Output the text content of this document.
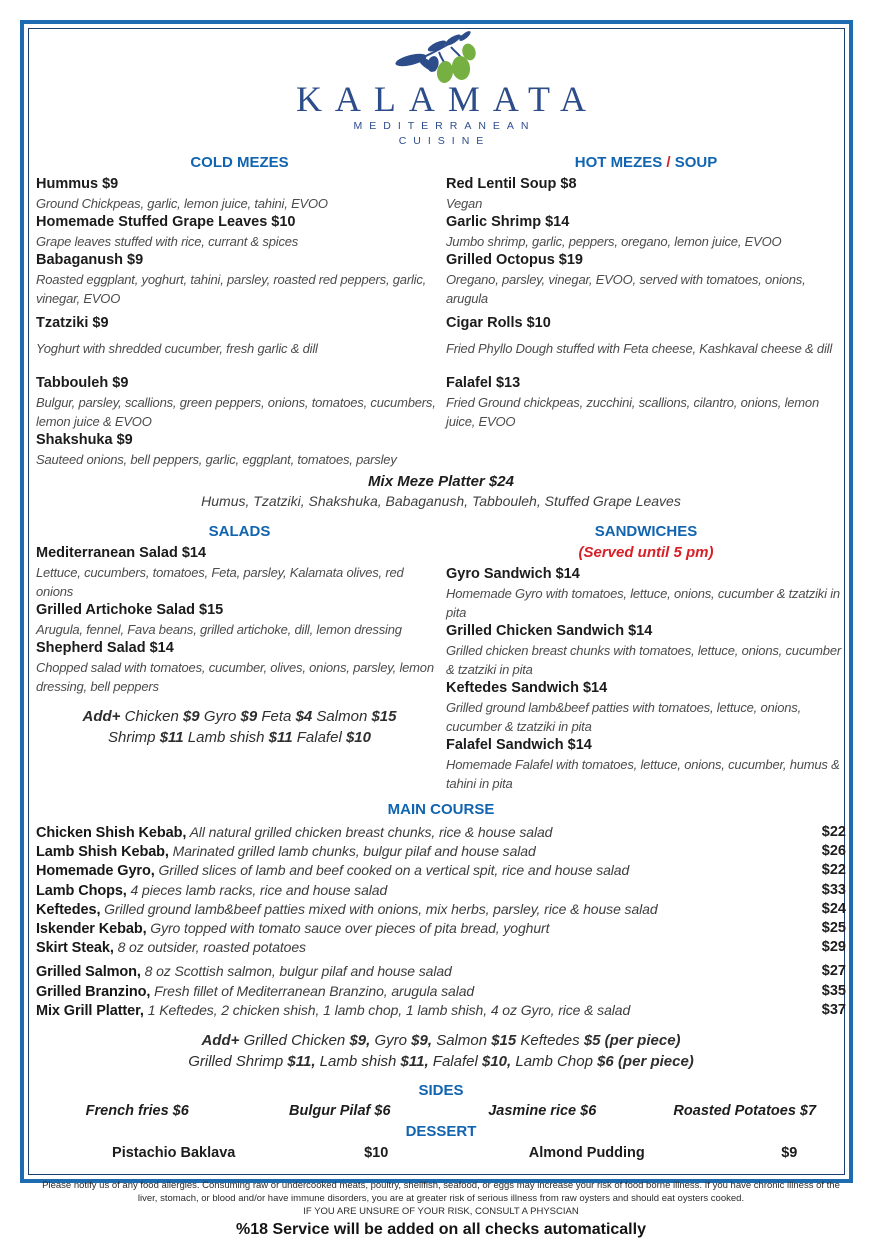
KALAMATA
MEDITERRANEAN
CUISINE
COLD MEZES
Hummus $9
Ground Chickpeas, garlic, lemon juice, tahini, EVOO
Homemade Stuffed Grape Leaves $10
Grape leaves stuffed with rice, currant & spices
Babaganush $9
Roasted eggplant, yoghurt, tahini, parsley, roasted red peppers, garlic, vinegar, EVOO
Tzatziki $9
Yoghurt with shredded cucumber, fresh garlic & dill
Tabbouleh $9
Bulgur, parsley, scallions, green peppers, onions, tomatoes, cucumbers, lemon juice & EVOO
Shakshuka $9
Sauteed onions, bell peppers, garlic, eggplant, tomatoes, parsley
HOT MEZES / SOUP
Red Lentil Soup $8
Vegan
Garlic Shrimp $14
Jumbo shrimp, garlic, peppers, oregano, lemon juice, EVOO
Grilled Octopus $19
Oregano, parsley, vinegar, EVOO, served with tomatoes, onions, arugula
Cigar Rolls $10
Fried Phyllo Dough stuffed with Feta cheese, Kashkaval cheese & dill
Falafel $13
Fried Ground chickpeas, zucchini, scallions, cilantro, onions, lemon juice, EVOO
Mix Meze Platter $24
Humus, Tzatziki, Shakshuka, Babaganush, Tabbouleh, Stuffed Grape Leaves
SALADS
Mediterranean Salad $14
Lettuce, cucumbers, tomatoes, Feta, parsley, Kalamata olives, red onions
Grilled Artichoke Salad $15
Arugula, fennel, Fava beans, grilled artichoke, dill, lemon dressing
Shepherd Salad $14
Chopped salad with tomatoes, cucumber, olives, onions, parsley, lemon dressing, bell peppers
Add+ Chicken $9 Gyro $9 Feta $4 Salmon $15
Shrimp $11 Lamb shish $11 Falafel $10
SANDWICHES
(Served until 5 pm)
Gyro Sandwich $14
Homemade Gyro with tomatoes, lettuce, onions, cucumber & tzatziki in pita
Grilled Chicken Sandwich $14
Grilled chicken breast chunks with tomatoes, lettuce, onions, cucumber & tzatziki in pita
Keftedes Sandwich $14
Grilled ground lamb&beef patties with tomatoes, lettuce, onions, cucumber & tzatziki in pita
Falafel Sandwich $14
Homemade Falafel with tomatoes, lettuce, onions, cucumber, humus & tahini in pita
MAIN COURSE
Chicken Shish Kebab, All natural grilled chicken breast chunks, rice & house salad	$22
Lamb Shish Kebab, Marinated grilled lamb chunks, bulgur pilaf and house salad	$26
Homemade Gyro, Grilled slices of lamb and beef cooked on a vertical spit, rice and house salad	$22
Lamb Chops, 4 pieces lamb racks, rice and house salad	$33
Keftedes, Grilled ground lamb&beef patties mixed with onions, mix herbs, parsley, rice & house salad	$24
Iskender Kebab, Gyro topped with tomato sauce over pieces of pita bread, yoghurt	$25
Skirt Steak, 8 oz outsider, roasted potatoes	$29
Grilled Salmon, 8 oz Scottish salmon, bulgur pilaf and house salad	$27
Grilled Branzino, Fresh fillet of Mediterranean Branzino, arugula salad	$35
Mix Grill Platter, 1 Keftedes, 2 chicken shish, 1 lamb chop, 1 lamb shish, 4 oz Gyro, rice & salad	$37
Add+ Grilled Chicken $9, Gyro $9, Salmon $15 Keftedes $5 (per piece)
Grilled Shrimp $11, Lamb shish $11, Falafel $10, Lamb Chop $6 (per piece)
SIDES
French fries $6	Bulgur Pilaf $6	Jasmine rice $6	Roasted Potatoes $7
DESSERT
Pistachio Baklava	$10	Almond Pudding	$9

Please notify us of any food allergies. Consuming raw or undercooked meats, poultry, shellfish, seafood, or eggs may increase your risk of food borne illness. If you have chronic illness of the liver, stomach, or blood and/or have immune disorders, you are at greater risk of serious illness from raw oysters and should eat oysters cooked.

IF YOU ARE UNSURE OF YOUR RISK, CONSULT A PHYSCIAN

%18 Service will be added on all checks automatically
